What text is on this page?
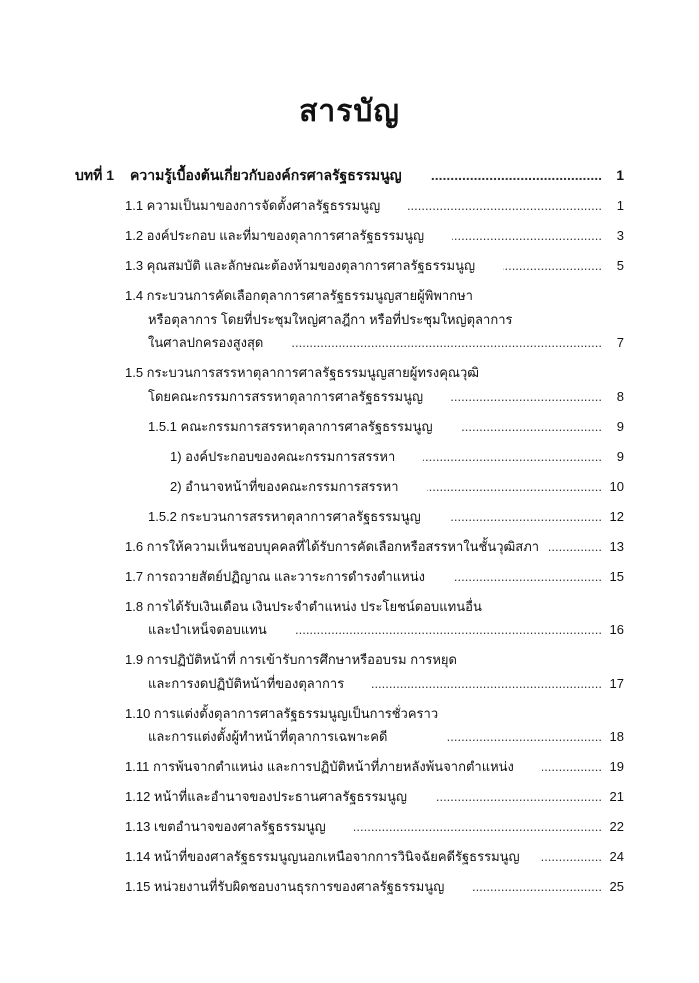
สารบัญ
บทที่ 1	ความรู้เบื้องต้นเกี่ยวกับองค์กรศาลรัฐธรรมนูญ .....	1
1.1 ความเป็นมาของการจัดตั้งศาลรัฐธรรมนูญ .....	1
1.2 องค์ประกอบ และที่มาของตุลาการศาลรัฐธรรมนูญ .....	3
1.3 คุณสมบัติ และลักษณะต้องห้ามของตุลาการศาลรัฐธรรมนูญ .....	5
1.4 กระบวนการคัดเลือกตุลาการศาลรัฐธรรมนูญสายผู้พิพากษา
หรือตุลาการ โดยที่ประชุมใหญ่ศาลฎีกา หรือที่ประชุมใหญ่ตุลาการ
ในศาลปกครองสูงสุด .....	7
1.5 กระบวนการสรรหาตุลาการศาลรัฐธรรมนูญสายผู้ทรงคุณวุฒิ
โดยคณะกรรมการสรรหาตุลาการศาลรัฐธรรมนูญ .....	8
1.5.1 คณะกรรมการสรรหาตุลาการศาลรัฐธรรมนูญ .....	9
1) องค์ประกอบของคณะกรรมการสรรหา .....	9
2) อำนาจหน้าที่ของคณะกรรมการสรรหา .....	10
1.5.2 กระบวนการสรรหาตุลาการศาลรัฐธรรมนูญ .....	12
1.6 การให้ความเห็นชอบบุคคลที่ได้รับการคัดเลือกหรือสรรหาในชั้นวุฒิสภา .....	13
1.7 การถวายสัตย์ปฏิญาณ และวาระการดำรงตำแหน่ง .....	15
1.8 การได้รับเงินเดือน เงินประจำตำแหน่ง ประโยชน์ตอบแทนอื่น
และบำเหน็จตอบแทน .....	16
1.9 การปฏิบัติหน้าที่ การเข้ารับการศึกษาหรืออบรม การหยุด
และการงดปฏิบัติหน้าที่ของตุลาการ .....	17
1.10 การแต่งตั้งตุลาการศาลรัฐธรรมนูญเป็นการชั่วคราว
และการแต่งตั้งผู้ทำหน้าที่ตุลาการเฉพาะคดี .....	18
1.11 การพ้นจากตำแหน่ง และการปฏิบัติหน้าที่ภายหลังพ้นจากตำแหน่ง .....	19
1.12 หน้าที่และอำนาจของประธานศาลรัฐธรรมนูญ .....	21
1.13 เขตอำนาจของศาลรัฐธรรมนูญ .....	22
1.14 หน้าที่ของศาลรัฐธรรมนูญนอกเหนือจากการวินิจฉัยคดีรัฐธรรมนูญ .....	24
1.15 หน่วยงานที่รับผิดชอบงานธุรการของศาลรัฐธรรมนูญ .....	25
